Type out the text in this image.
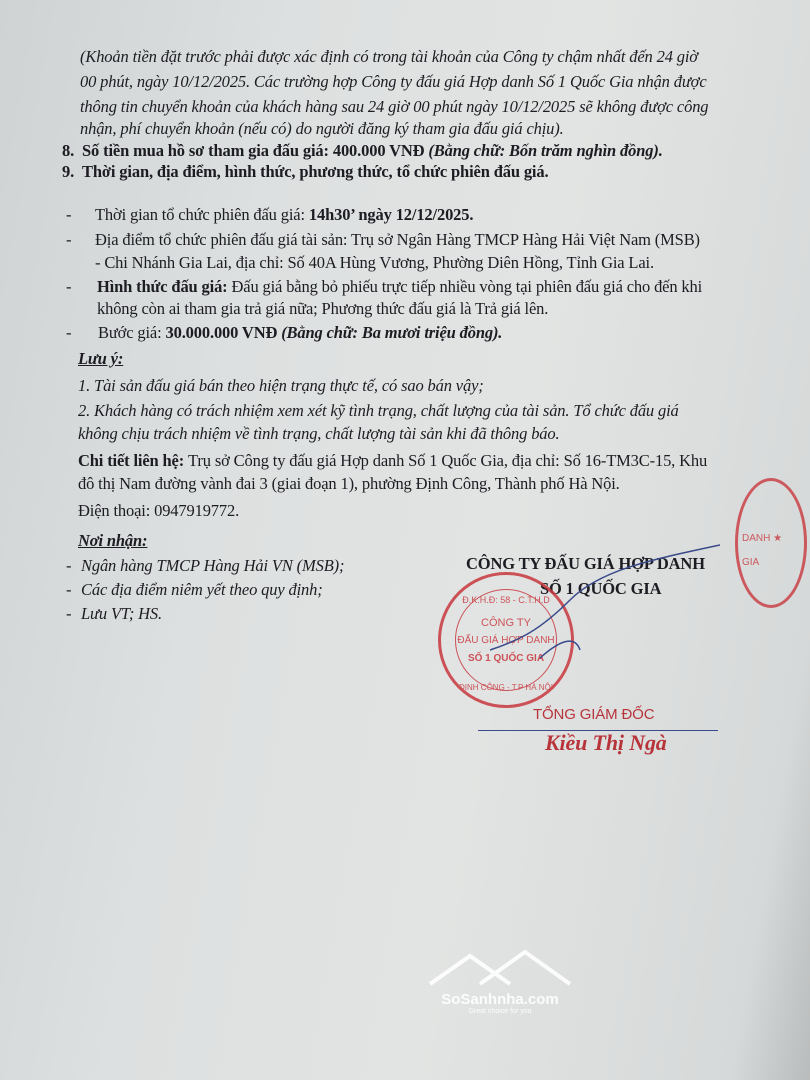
(Khoản tiền đặt trước phải được xác định có trong tài khoản của Công ty chậm nhất đến 24 giờ
00 phút, ngày 10/12/2025. Các trường hợp Công ty đấu giá Hợp danh Số 1 Quốc Gia nhận được
thông tin chuyển khoản của khách hàng sau 24 giờ 00 phút ngày 10/12/2025 sẽ không được công
nhận, phí chuyển khoản (nếu có) do người đăng ký tham gia đấu giá chịu).
8. Số tiền mua hồ sơ tham gia đấu giá: 400.000 VNĐ (Bằng chữ: Bốn trăm nghìn đồng).
9. Thời gian, địa điểm, hình thức, phương thức, tổ chức phiên đấu giá.
- Thời gian tổ chức phiên đấu giá: 14h30’ ngày 12/12/2025.
- Địa điểm tổ chức phiên đấu giá tài sản: Trụ sở Ngân Hàng TMCP Hàng Hải Việt Nam (MSB)
- Chi Nhánh Gia Lai, địa chỉ: Số 40A Hùng Vương, Phường Diên Hồng, Tỉnh Gia Lai.
- Hình thức đấu giá: Đấu giá bằng bỏ phiếu trực tiếp nhiều vòng tại phiên đấu giá cho đến khi
không còn ai tham gia trả giá nữa; Phương thức đấu giá là Trả giá lên.
- Bước giá: 30.000.000 VNĐ (Bằng chữ: Ba mươi triệu đồng).
Lưu ý:
1. Tài sản đấu giá bán theo hiện trạng thực tế, có sao bán vậy;
2. Khách hàng có trách nhiệm xem xét kỹ tình trạng, chất lượng của tài sản. Tổ chức đấu giá
không chịu trách nhiệm về tình trạng, chất lượng tài sản khi đã thông báo.
Chi tiết liên hệ: Trụ sở Công ty đấu giá Hợp danh Số 1 Quốc Gia, địa chỉ: Số 16-TM3C-15, Khu
đô thị Nam đường vành đai 3 (giai đoạn 1), phường Định Công, Thành phố Hà Nội.
Điện thoại: 0947919772.
Nơi nhận:
- Ngân hàng TMCP Hàng Hải VN (MSB);
- Các địa điểm niêm yết theo quy định;
- Lưu VT; HS.
CÔNG TY ĐẤU GIÁ HỢP DANH
SỐ 1 QUỐC GIA
Đ.K.H.Đ: 58 - C.T.H.D
CÔNG TY
ĐẤU GIÁ HỢP DANH
SỐ 1 QUỐC GIA
ĐỊNH CÔNG - T.P HÀ NỘI
DANH ★
GIA
TỔNG GIÁM ĐỐC
Kiều Thị Ngà
SoSanhnha.com
Great choice for you
